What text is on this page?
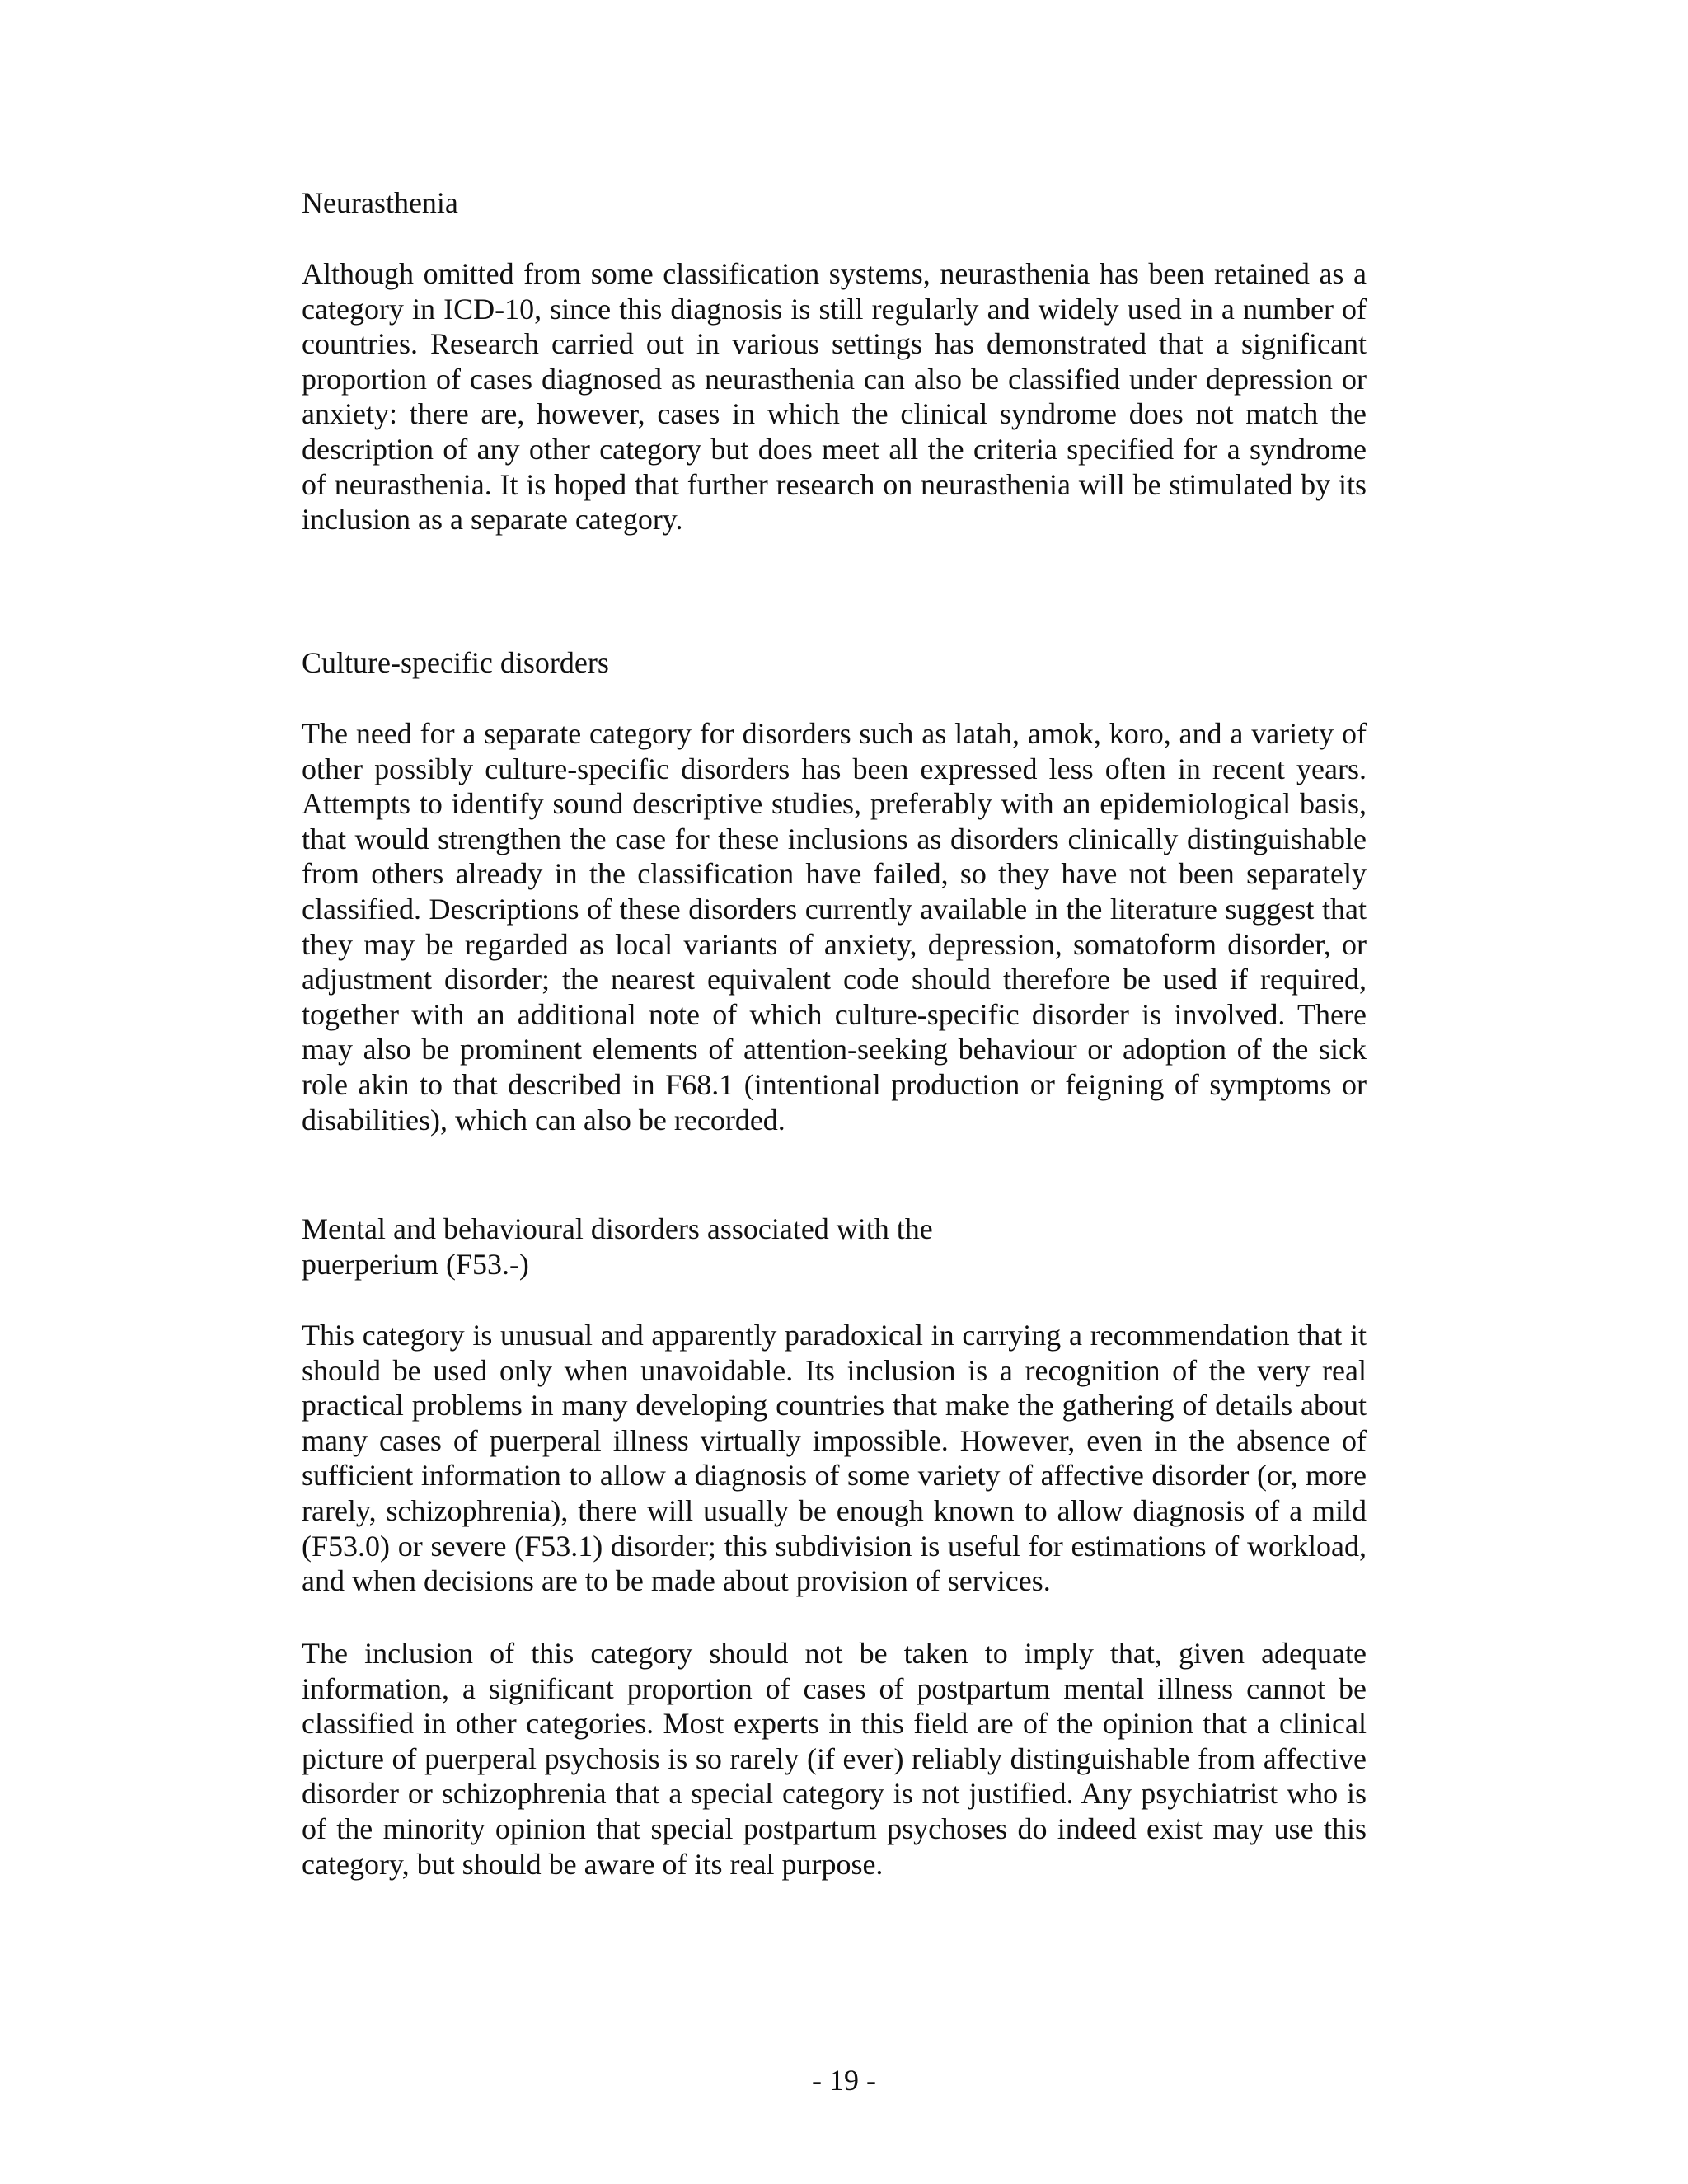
Neurasthenia

Although omitted from some classification systems, neurasthenia has been retained as a category in ICD-10, since this diagnosis is still regularly and widely used in a number of countries. Research carried out in various settings has demonstrated that a significant proportion of cases diagnosed as neurasthenia can also be classified under depression or anxiety: there are, however, cases in which the clinical syndrome does not match the description of any other category but does meet all the criteria specified for a syndrome of neurasthenia. It is hoped that further research on neurasthenia will be stimulated by its inclusion as a separate category.

Culture-specific disorders

The need for a separate category for disorders such as latah, amok, koro, and a variety of other possibly culture-specific disorders has been expressed less often in recent years. Attempts to identify sound descriptive studies, preferably with an epidemiological basis, that would strengthen the case for these inclusions as disorders clinically distinguishable from others already in the classification have failed, so they have not been separately classified. Descriptions of these disorders currently available in the literature suggest that they may be regarded as local variants of anxiety, depression, somatoform disorder, or adjustment disorder; the nearest equivalent code should therefore be used if required, together with an additional note of which culture-specific disorder is involved. There may also be prominent elements of attention-seeking behaviour or adoption of the sick role akin to that described in F68.1 (intentional production or feigning of symptoms or disabilities), which can also be recorded.

Mental and behavioural disorders associated with the
puerperium (F53.-)

This category is unusual and apparently paradoxical in carrying a recommendation that it should be used only when unavoidable. Its inclusion is a recognition of the very real practical problems in many developing countries that make the gathering of details about many cases of puerperal illness virtually impossible. However, even in the absence of sufficient information to allow a diagnosis of some variety of affective disorder (or, more rarely, schizophrenia), there will usually be enough known to allow diagnosis of a mild (F53.0) or severe (F53.1) disorder; this subdivision is useful for estimations of workload, and when decisions are to be made about provision of services.

The inclusion of this category should not be taken to imply that, given adequate information, a significant proportion of cases of postpartum mental illness cannot be classified in other categories. Most experts in this field are of the opinion that a clinical picture of puerperal psychosis is so rarely (if ever) reliably distinguishable from affective disorder or schizophrenia that a special category is not justified. Any psychiatrist who is of the minority opinion that special postpartum psychoses do indeed exist may use this category, but should be aware of its real purpose.

- 19 -
